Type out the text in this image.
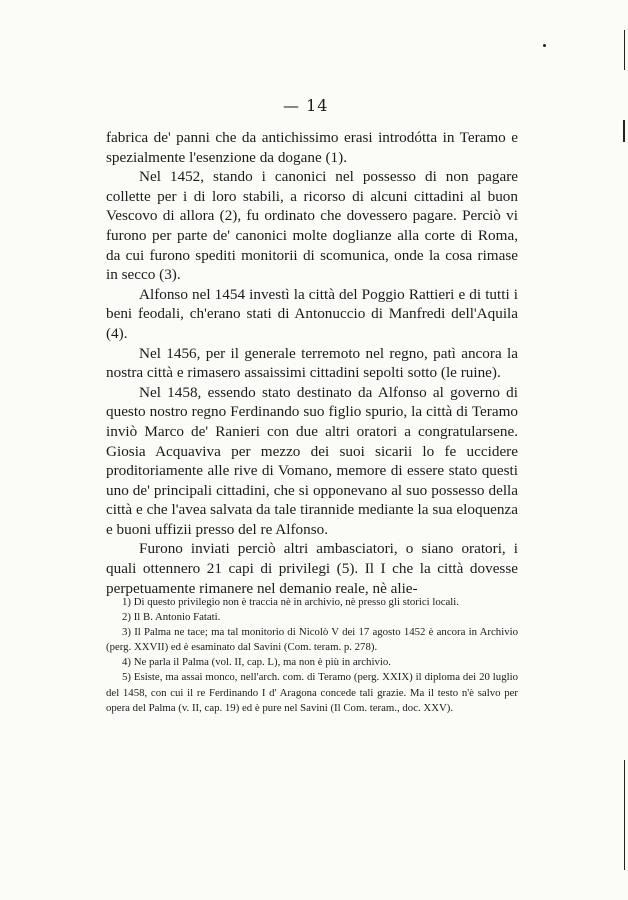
— 14

fabrica de' panni che da antichissimo erasi introdótta in Teramo e spezialmente l'esenzione da dogane (1).

Nel 1452, stando i canonici nel possesso di non pagare collette per i di loro stabili, a ricorso di alcuni cittadini al buon Vescovo di allora (2), fu ordinato che dovessero pagare. Perciò vi furono per parte de' canonici molte doglianze alla corte di Roma, da cui furono spediti monitorii di scomunica, onde la cosa rimase in secco (3).

Alfonso nel 1454 investì la città del Poggio Rattieri e di tutti i beni feodali, ch'erano stati di Antonuccio di Manfredi dell'Aquila (4).

Nel 1456, per il generale terremoto nel regno, patì ancora la nostra città e rimasero assaissimi cittadini sepolti sotto (le ruine).

Nel 1458, essendo stato destinato da Alfonso al governo di questo nostro regno Ferdinando suo figlio spurio, la città di Teramo inviò Marco de' Ranieri con due altri oratori a congratularsene. Giosia Acquaviva per mezzo dei suoi sicarii lo fe uccidere proditoriamente alle rive di Vomano, memore di essere stato questi uno de' principali cittadini, che si opponevano al suo possesso della città e che l'avea salvata da tale tirannide mediante la sua eloquenza e buoni uffizii presso del re Alfonso.

Furono inviati perciò altri ambasciatori, o siano oratori, i quali ottennero 21 capi di privilegi (5). Il I che la città dovesse perpetuamente rimanere nel demanio reale, nè alie-

1) Di questo privilegio non è traccia nè in archivio, nè presso gli storici locali.

2) Il B. Antonio Fatati.

3) Il Palma ne tace; ma tal monitorio di Nicolò V dei 17 agosto 1452 è ancora in Archivio (perg. XXVII) ed è esaminato dal Savini (Com. teram. p. 278).

4) Ne parla il Palma (vol. II, cap. L), ma non è più in archivio.

5) Esiste, ma assai monco, nell'arch. com. di Teramo (perg. XXIX) il diploma dei 20 luglio del 1458, con cui il re Ferdinando I d' Aragona concede tali grazie. Ma il testo n'è salvo per opera del Palma (v. II, cap. 19) ed è pure nel Savini (Il Com. teram., doc. XXV).
